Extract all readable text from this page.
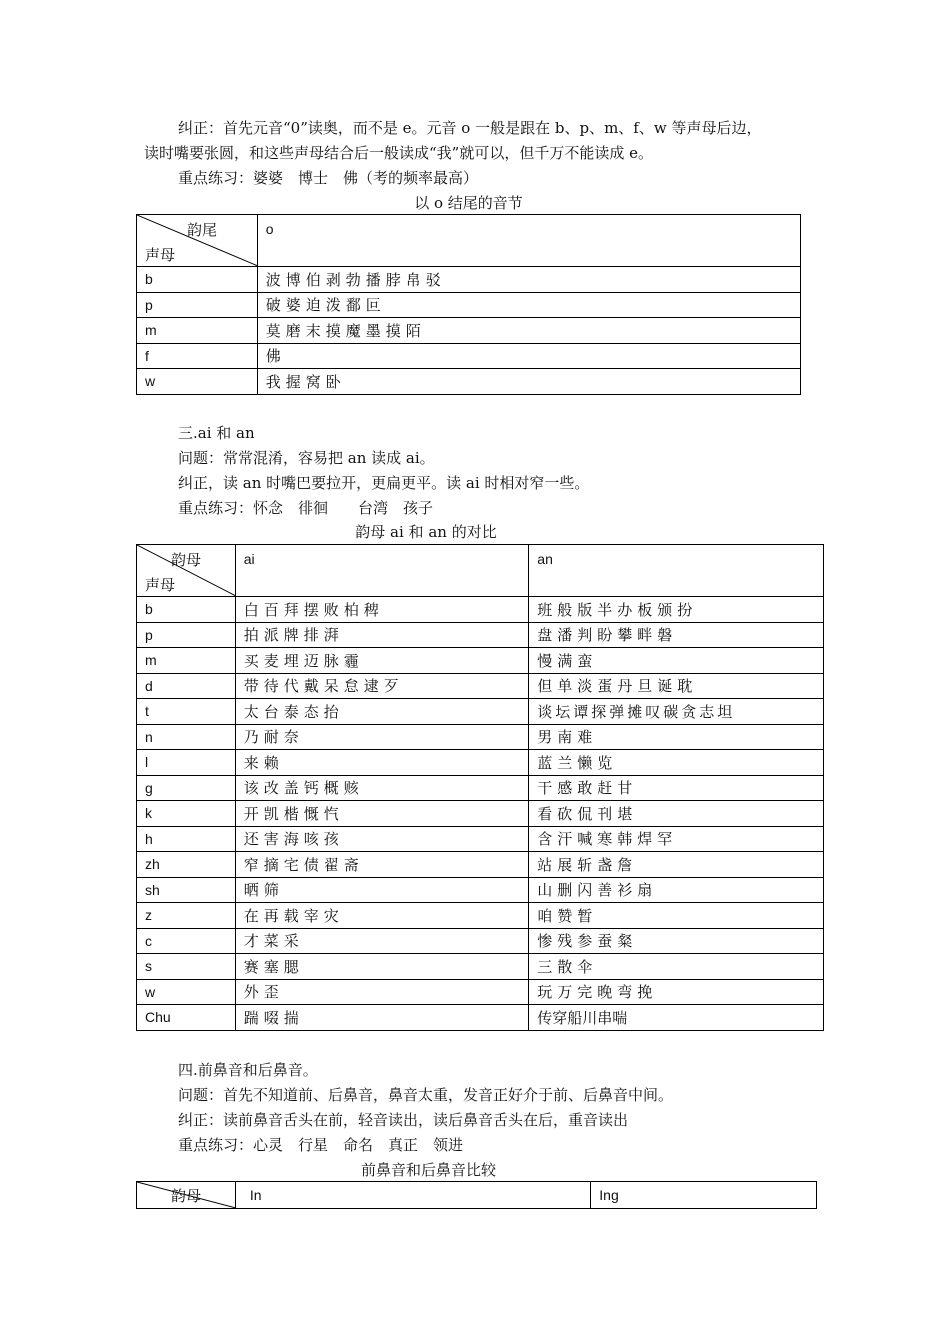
纠正：首先元音“0”读奥，而不是 e。元音 o 一般是跟在 b、p、m、f、w 等声母后边，
读时嘴要张圆，和这些声母结合后一般读成“我”就可以，但千万不能读成 e。
重点练习：婆婆　博士　佛（考的频率最高）
以 o 结尾的音节
韵尾
声母	o
b	波博伯剥勃播脖帛驳
p	破婆迫泼鄱叵
m	莫磨末摸魔墨摸陌
f	佛
w	我握窝卧
三.ai 和 an
问题：常常混淆，容易把 an 读成 ai。
纠正，读 an 时嘴巴要拉开，更扁更平。读 ai 时相对窄一些。
重点练习：怀念　徘徊　　台湾　孩子
韵母 ai 和 an 的对比
韵母
声母	ai	an
b	白百拜摆败柏稗	班般版半办板颁扮
p	拍派牌排湃	盘潘判盼攀畔磐
m	买麦埋迈脉霾	慢满蛮
d	带待代戴呆怠逮歹	但单淡蛋丹旦诞耽
t	太台泰态抬	谈坛谭探弹摊叹碳贪志坦
n	乃耐奈	男南难
l	来赖	蓝兰懒览
g	该改盖钙概赅	干感敢赶甘
k	开凯楷慨忾	看砍侃刊堪
h	还害海咳孩	含汗喊寒韩焊罕
zh	窄摘宅债翟斋	站展斩盏詹
sh	晒筛	山删闪善衫扇
z	在再载宰灾	咱赞暂
c	才菜采	惨残参蚕粲
s	赛塞腮	三散伞
w	外歪	玩万完晚弯挽
Chu	踹啜揣	传穿船川串喘
四.前鼻音和后鼻音。
问题：首先不知道前、后鼻音，鼻音太重，发音正好介于前、后鼻音中间。
纠正：读前鼻音舌头在前，轻音读出，读后鼻音舌头在后，重音读出
重点练习：心灵　行星　命名　真正　领进
前鼻音和后鼻音比较
韵母	In	Ing
